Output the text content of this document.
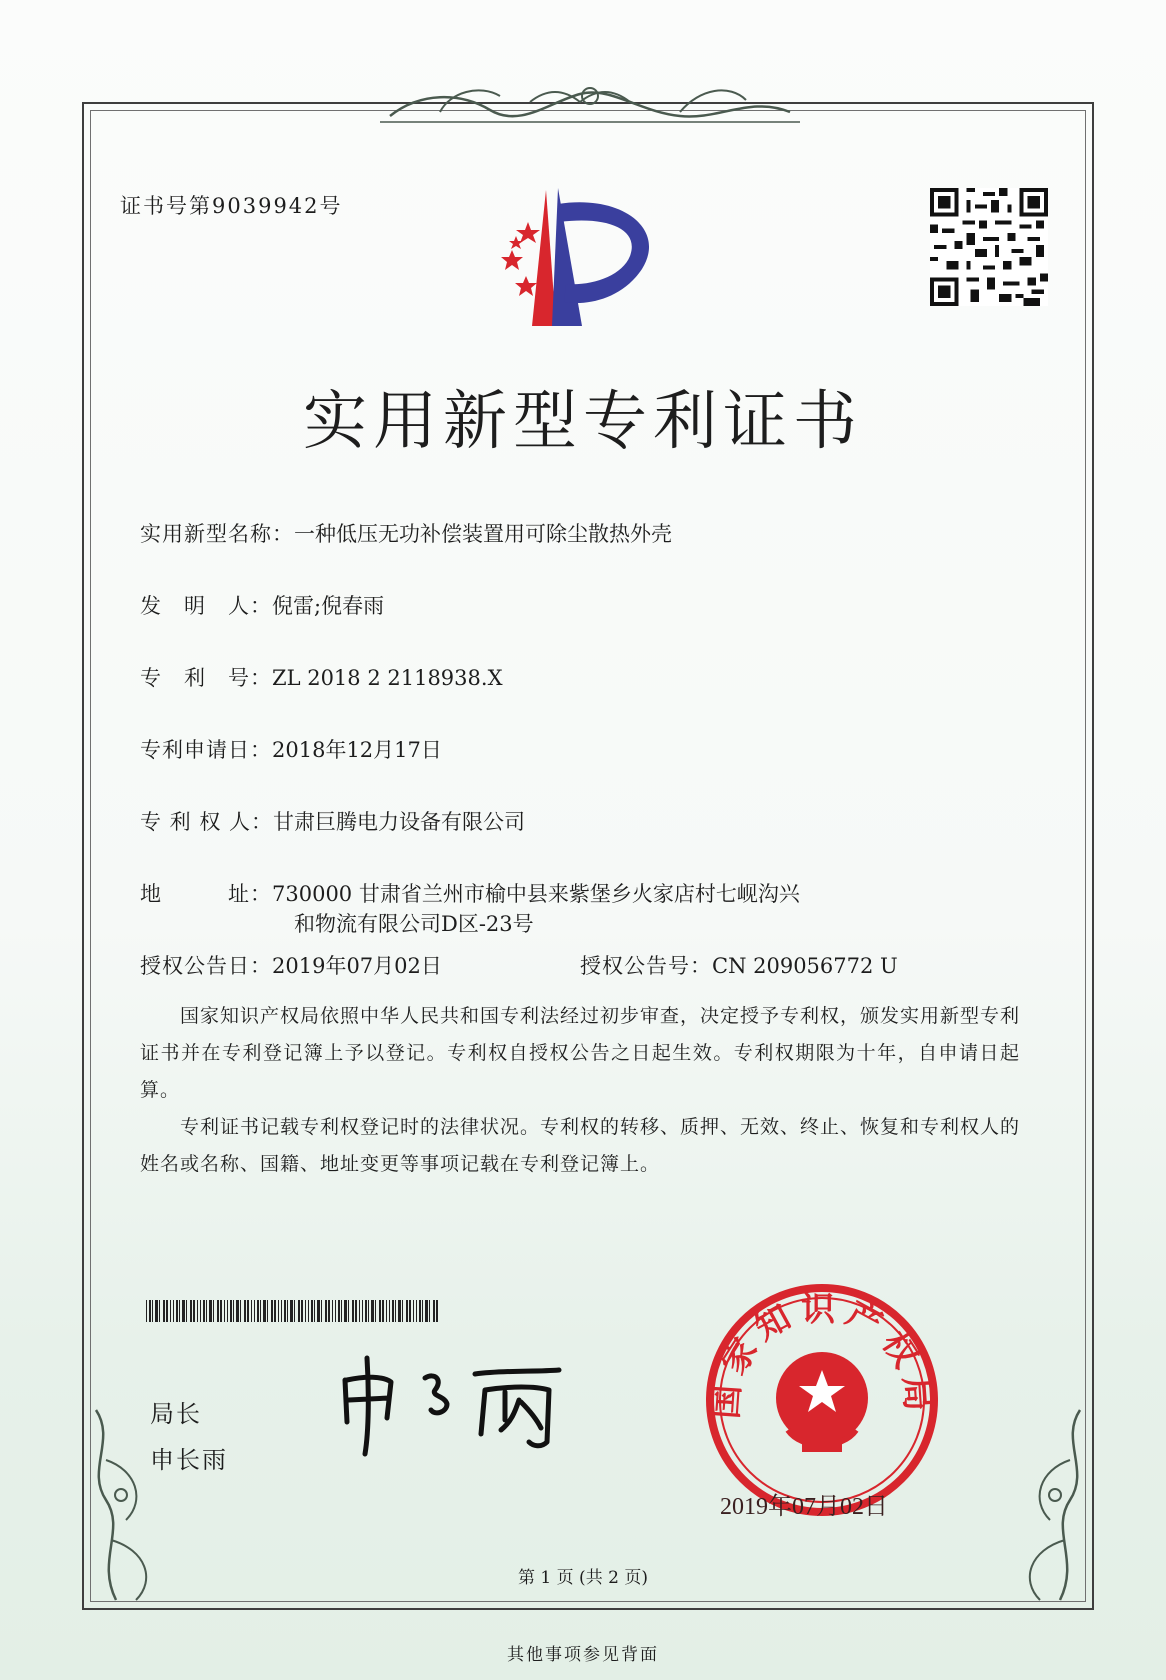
证书号第9039942号
实用新型专利证书
实用新型名称：一种低压无功补偿装置用可除尘散热外壳
发　明　人：倪雷;倪春雨
专　利　号：ZL 2018 2 2118938.X
专利申请日：2018年12月17日
专 利 权 人：甘肃巨腾电力设备有限公司
地　　　址：730000 甘肃省兰州市榆中县来紫堡乡火家店村七岘沟兴
和物流有限公司D区-23号
授权公告日：2019年07月02日	授权公告号：CN 209056772 U

国家知识产权局依照中华人民共和国专利法经过初步审查，决定授予专利权，颁发实用新型专利证书并在专利登记簿上予以登记。专利权自授权公告之日起生效。专利权期限为十年，自申请日起算。

专利证书记载专利权登记时的法律状况。专利权的转移、质押、无效、终止、恢复和专利权人的姓名或名称、国籍、地址变更等事项记载在专利登记簿上。

局长
申长雨
国家知识产权局
2019年07月02日
第 1 页 (共 2 页)
其他事项参见背面
